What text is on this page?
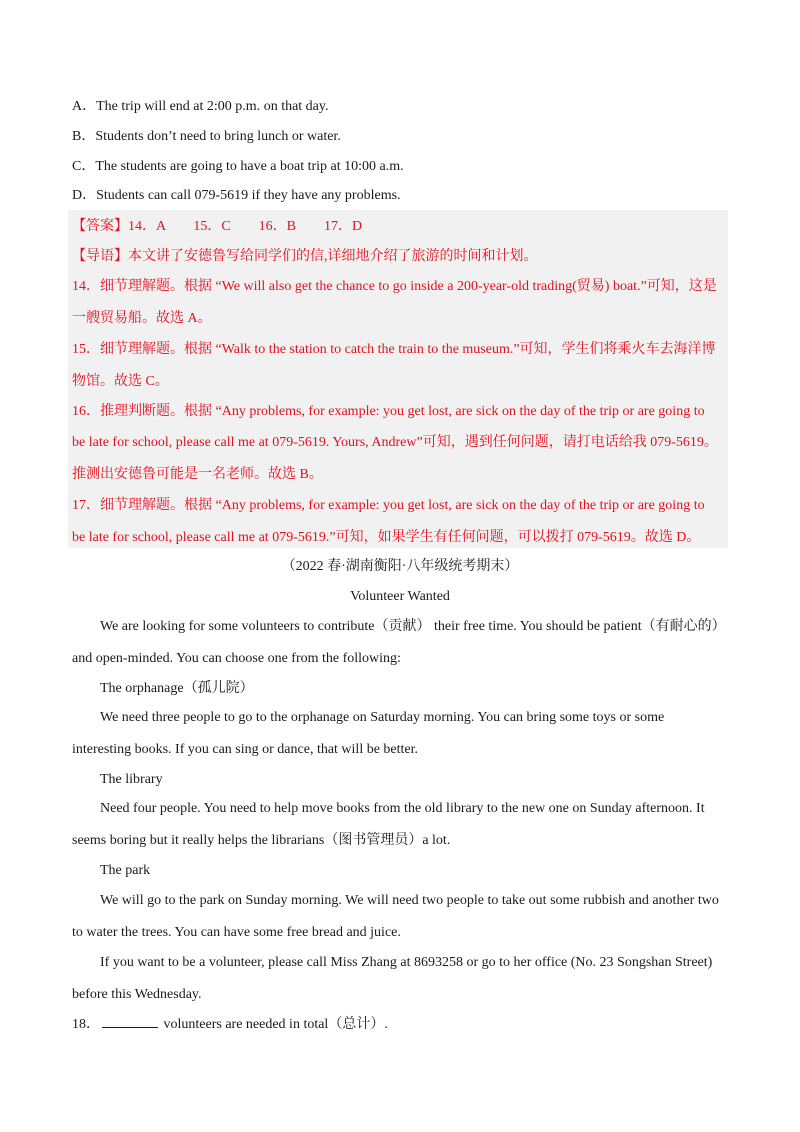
A．The trip will end at 2:00 p.m. on that day.
B．Students don’t need to bring lunch or water.
C．The students are going to have a boat trip at 10:00 a.m.
D．Students can call 079-5619 if they have any problems.
【答案】14．A　　15．C　　16．B　　17．D
【导语】本文讲了安德鲁写给同学们的信,详细地介绍了旅游的时间和计划。
14．细节理解题。根据 “We will also get the chance to go inside a 200-year-old trading(贸易) boat.”可知，这是
一艘贸易船。故选 A。
15．细节理解题。根据 “Walk to the station to catch the train to the museum.”可知，学生们将乘火车去海洋博
物馆。故选 C。
16．推理判断题。根据 “Any problems, for example: you get lost, are sick on the day of the trip or are going to
be late for school, please call me at 079-5619. Yours, Andrew”可知，遇到任何问题，请打电话给我 079-5619。
推测出安德鲁可能是一名老师。故选 B。
17．细节理解题。根据 “Any problems, for example: you get lost, are sick on the day of the trip or are going to
be late for school, please call me at 079-5619.”可知，如果学生有任何问题，可以拨打 079-5619。故选 D。
（2022 春·湖南衡阳·八年级统考期末）
Volunteer Wanted
We are looking for some volunteers to contribute（贡献） their free time. You should be patient（有耐心的）
and open-minded. You can choose one from the following:
The orphanage（孤儿院）
We need three people to go to the orphanage on Saturday morning. You can bring some toys or some
interesting books. If you can sing or dance, that will be better.
The library
Need four people. You need to help move books from the old library to the new one on Sunday afternoon. It
seems boring but it really helps the librarians（图书管理员）a lot.
The park
We will go to the park on Sunday morning. We will need two people to take out some rubbish and another two
to water the trees. You can have some free bread and juice.
If you want to be a volunteer, please call Miss Zhang at 8693258 or go to her office (No. 23 Songshan Street)
before this Wednesday.
18．	volunteers are needed in total（总计）.
